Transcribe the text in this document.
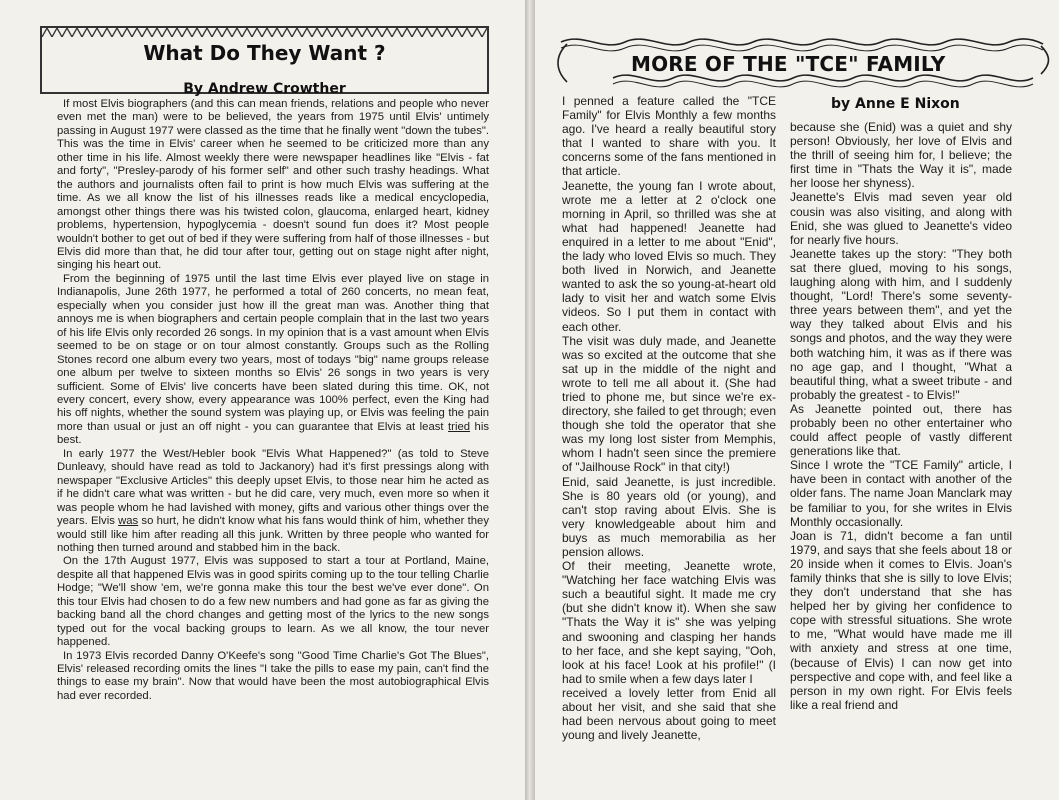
What Do They Want ?
By Andrew Crowther

If most Elvis biographers (and this can mean friends, relations and people who never even met the man) were to be believed, the years from 1975 until Elvis' untimely passing in August 1977 were classed as the time that he finally went "down the tubes". This was the time in Elvis' career when he seemed to be criticized more than any other time in his life. Almost weekly there were newspaper headlines like "Elvis - fat and forty", "Presley-parody of his former self" and other such trashy headings. What the authors and journalists often fail to print is how much Elvis was suffering at the time. As we all know the list of his illnesses reads like a medical encyclopedia, amongst other things there was his twisted colon, glaucoma, enlarged heart, kidney problems, hypertension, hypoglycemia - doesn't sound fun does it? Most people wouldn't bother to get out of bed if they were suffering from half of those illnesses - but Elvis did more than that, he did tour after tour, getting out on stage night after night, singing his heart out.

From the beginning of 1975 until the last time Elvis ever played live on stage in Indianapolis, June 26th 1977, he performed a total of 260 concerts, no mean feat, especially when you consider just how ill the great man was. Another thing that annoys me is when biographers and certain people complain that in the last two years of his life Elvis only recorded 26 songs. In my opinion that is a vast amount when Elvis seemed to be on stage or on tour almost constantly. Groups such as the Rolling Stones record one album every two years, most of todays "big" name groups release one album per twelve to sixteen months so Elvis' 26 songs in two years is very sufficient. Some of Elvis' live concerts have been slated during this time. OK, not every concert, every show, every appearance was 100% perfect, even the King had his off nights, whether the sound system was playing up, or Elvis was feeling the pain more than usual or just an off night - you can guarantee that Elvis at least tried his best.

In early 1977 the West/Hebler book "Elvis What Happened?" (as told to Steve Dunleavy, should have read as told to Jackanory) had it's first pressings along with newspaper "Exclusive Articles" this deeply upset Elvis, to those near him he acted as if he didn't care what was written - but he did care, very much, even more so when it was people whom he had lavished with money, gifts and various other things over the years. Elvis was so hurt, he didn't know what his fans would think of him, whether they would still like him after reading all this junk. Written by three people who wanted for nothing then turned around and stabbed him in the back.

On the 17th August 1977, Elvis was supposed to start a tour at Portland, Maine, despite all that happened Elvis was in good spirits coming up to the tour telling Charlie Hodge; "We'll show 'em, we're gonna make this tour the best we've ever done". On this tour Elvis had chosen to do a few new numbers and had gone as far as giving the backing band all the chord changes and getting most of the lyrics to the new songs typed out for the vocal backing groups to learn. As we all know, the tour never happened.

In 1973 Elvis recorded Danny O'Keefe's song "Good Time Charlie's Got The Blues", Elvis' released recording omits the lines "I take the pills to ease my pain, can't find the things to ease my brain". Now that would have been the most autobiographical Elvis had ever recorded.

MORE OF THE "TCE" FAMILY
by Anne E Nixon

I penned a feature called the "TCE Family" for Elvis Monthly a few months ago. I've heard a really beautiful story that I wanted to share with you. It concerns some of the fans mentioned in that article.

Jeanette, the young fan I wrote about, wrote me a letter at 2 o'clock one morning in April, so thrilled was she at what had happened! Jeanette had enquired in a letter to me about "Enid", the lady who loved Elvis so much. They both lived in Norwich, and Jeanette wanted to ask the so young-at-heart old lady to visit her and watch some Elvis videos. So I put them in contact with each other.

The visit was duly made, and Jeanette was so excited at the outcome that she sat up in the middle of the night and wrote to tell me all about it. (She had tried to phone me, but since we're ex-directory, she failed to get through; even though she told the operator that she was my long lost sister from Memphis, whom I hadn't seen since the premiere of "Jailhouse Rock" in that city!)

Enid, said Jeanette, is just incredible. She is 80 years old (or young), and can't stop raving about Elvis. She is very knowledgeable about him and buys as much memorabilia as her pension allows.

Of their meeting, Jeanette wrote, "Watching her face watching Elvis was such a beautiful sight. It made me cry (but she didn't know it). When she saw "Thats the Way it is" she was yelping and swooning and clasping her hands to her face, and she kept saying, "Ooh, look at his face! Look at his profile!" (I had to smile when a few days later I

received a lovely letter from Enid all about her visit, and she said that she had been nervous about going to meet young and lively Jeanette,

because she (Enid) was a quiet and shy person! Obviously, her love of Elvis and the thrill of seeing him for, I believe; the first time in "Thats the Way it is", made her loose her shyness).

Jeanette's Elvis mad seven year old cousin was also visiting, and along with Enid, she was glued to Jeanette's video for nearly five hours.

Jeanette takes up the story: "They both sat there glued, moving to his songs, laughing along with him, and I suddenly thought, "Lord! There's some seventy-three years between them", and yet the way they talked about Elvis and his songs and photos, and the way they were both watching him, it was as if there was no age gap, and I thought, "What a beautiful thing, what a sweet tribute - and probably the greatest - to Elvis!"

As Jeanette pointed out, there has probably been no other entertainer who could affect people of vastly different generations like that.

Since I wrote the "TCE Family" article, I have been in contact with another of the older fans. The name Joan Manclark may be familiar to you, for she writes in Elvis Monthly occasionally.

Joan is 71, didn't become a fan until 1979, and says that she feels about 18 or 20 inside when it comes to Elvis. Joan's family thinks that she is silly to love Elvis; they don't understand that she has helped her by giving her confidence to cope with stressful situations. She wrote to me, "What would have made me ill with anxiety and stress at one time, (because of Elvis) I can now get into perspective and cope with, and feel like a person in my own right. For Elvis feels like a real friend and
